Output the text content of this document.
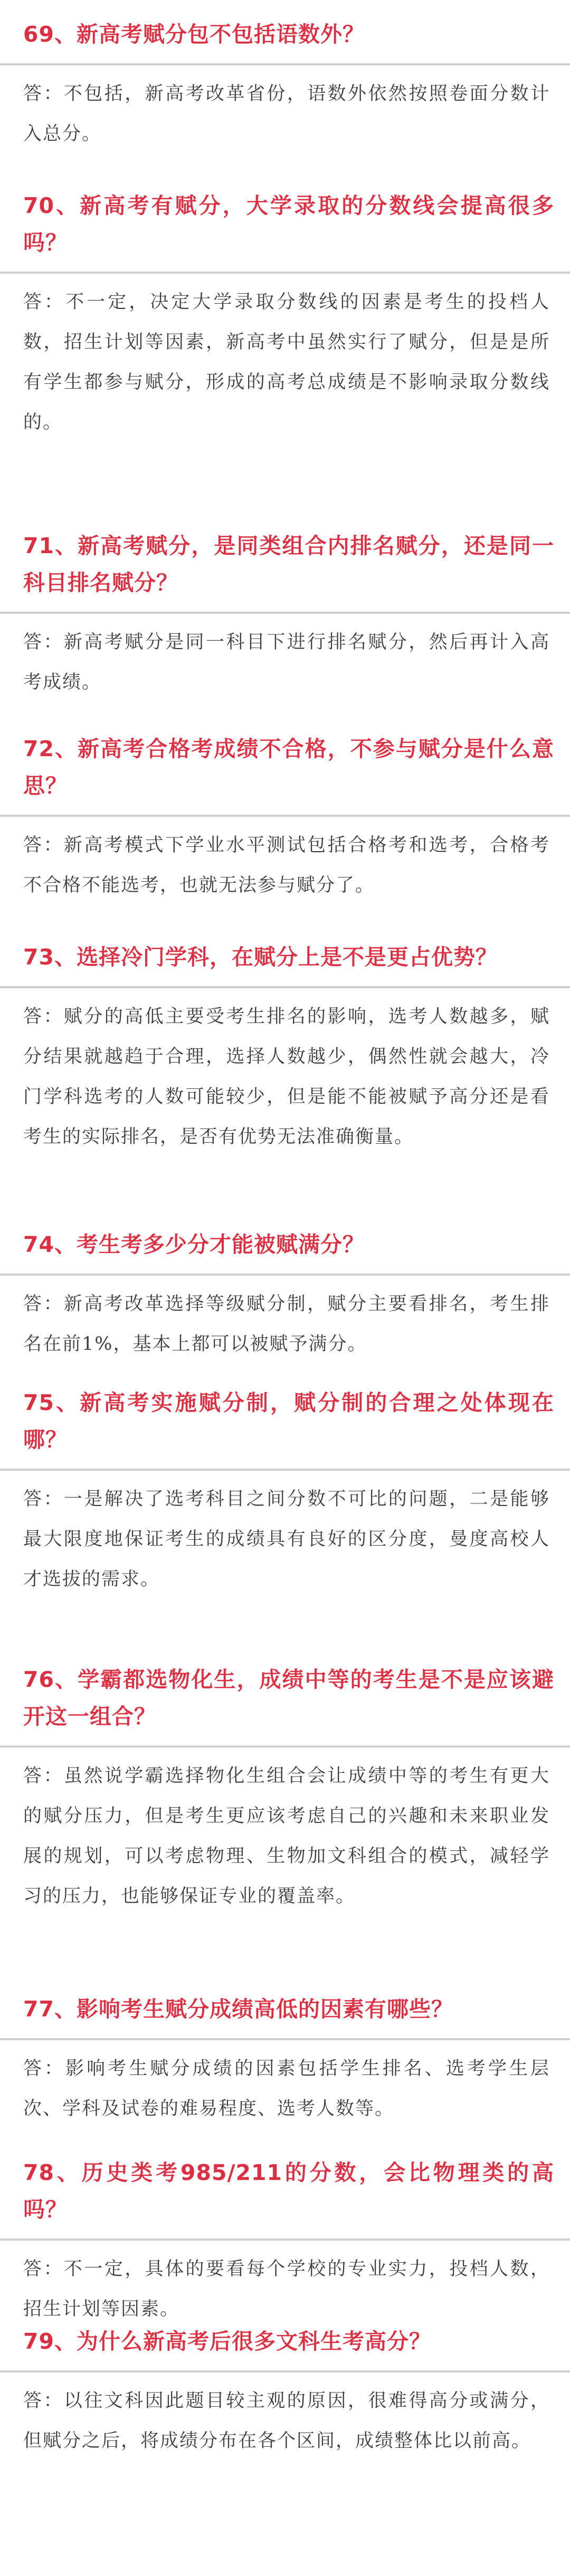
69、新高考赋分包不包括语数外？

答：不包括，新高考改革省份，语数外依然按照卷面分数计入总分。

70、新高考有赋分，大学录取的分数线会提高很多吗？

答：不一定，决定大学录取分数线的因素是考生的投档人数，招生计划等因素，新高考中虽然实行了赋分，但是是所有学生都参与赋分，形成的高考总成绩是不影响录取分数线的。

71、新高考赋分，是同类组合内排名赋分，还是同一科目排名赋分？

答：新高考赋分是同一科目下进行排名赋分，然后再计入高考成绩。

72、新高考合格考成绩不合格，不参与赋分是什么意思？

答：新高考模式下学业水平测试包括合格考和选考，合格考不合格不能选考，也就无法参与赋分了。

73、选择冷门学科，在赋分上是不是更占优势？

答：赋分的高低主要受考生排名的影响，选考人数越多，赋分结果就越趋于合理，选择人数越少，偶然性就会越大，冷门学科选考的人数可能较少，但是能不能被赋予高分还是看考生的实际排名，是否有优势无法准确衡量。

74、考生考多少分才能被赋满分？

答：新高考改革选择等级赋分制，赋分主要看排名，考生排名在前1%，基本上都可以被赋予满分。

75、新高考实施赋分制，赋分制的合理之处体现在哪？

答：一是解决了选考科目之间分数不可比的问题，二是能够最大限度地保证考生的成绩具有良好的区分度，曼度高校人才选拔的需求。

76、学霸都选物化生，成绩中等的考生是不是应该避开这一组合？

答：虽然说学霸选择物化生组合会让成绩中等的考生有更大的赋分压力，但是考生更应该考虑自己的兴趣和未来职业发展的规划，可以考虑物理、生物加文科组合的模式，减轻学习的压力，也能够保证专业的覆盖率。

77、影响考生赋分成绩高低的因素有哪些？

答：影响考生赋分成绩的因素包括学生排名、选考学生层次、学科及试卷的难易程度、选考人数等。

78、历史类考985/211的分数，会比物理类的高吗？

答：不一定，具体的要看每个学校的专业实力，投档人数，招生计划等因素。

79、为什么新高考后很多文科生考高分？

答：以往文科因此题目较主观的原因，很难得高分或满分，但赋分之后，将成绩分布在各个区间，成绩整体比以前高。
